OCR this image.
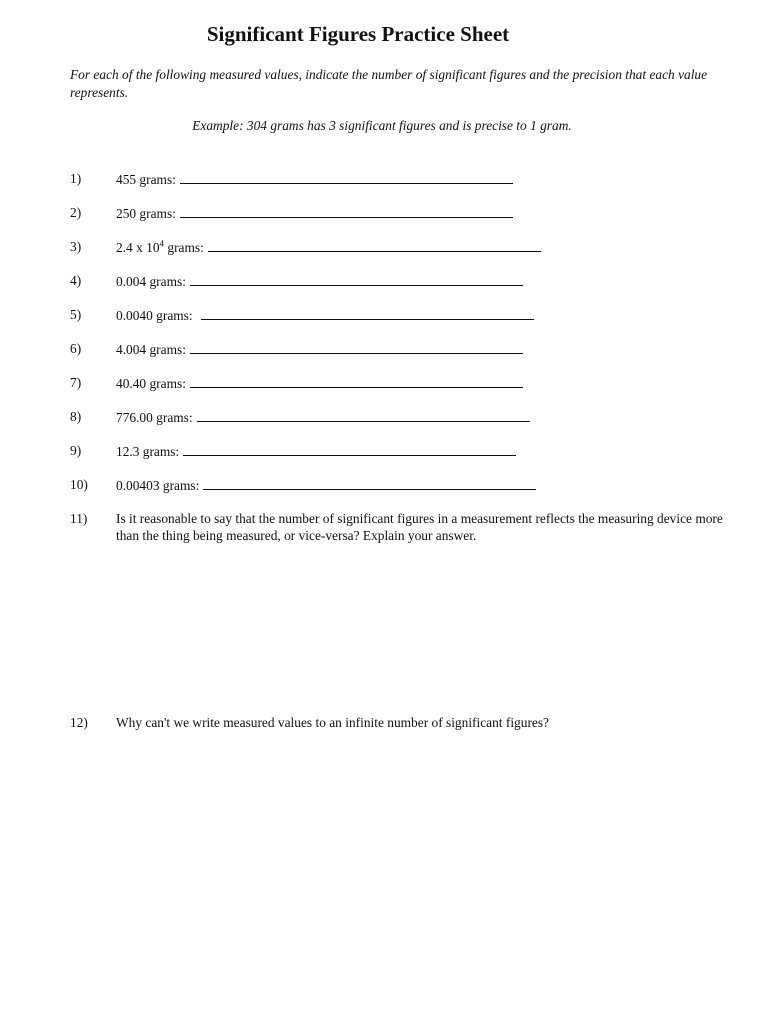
Significant Figures Practice Sheet
For each of the following measured values, indicate the number of significant figures and the precision that each value represents.
Example: 304 grams has 3 significant figures and is precise to 1 gram.
1)	455 grams:
2)	250 grams:
3)	2.4 x $10^4$ grams:
4)	0.004 grams:
5)	0.0040 grams:
6)	4.004 grams:
7)	40.40 grams:
8)	776.00 grams:
9)	12.3 grams:
10) 0.00403 grams:
11) Is it reasonable to say that the number of significant figures in a measurement reflects the measuring device more than the thing being measured, or vice-versa? Explain your answer.
12) Why can't we write measured values to an infinite number of significant figures?
